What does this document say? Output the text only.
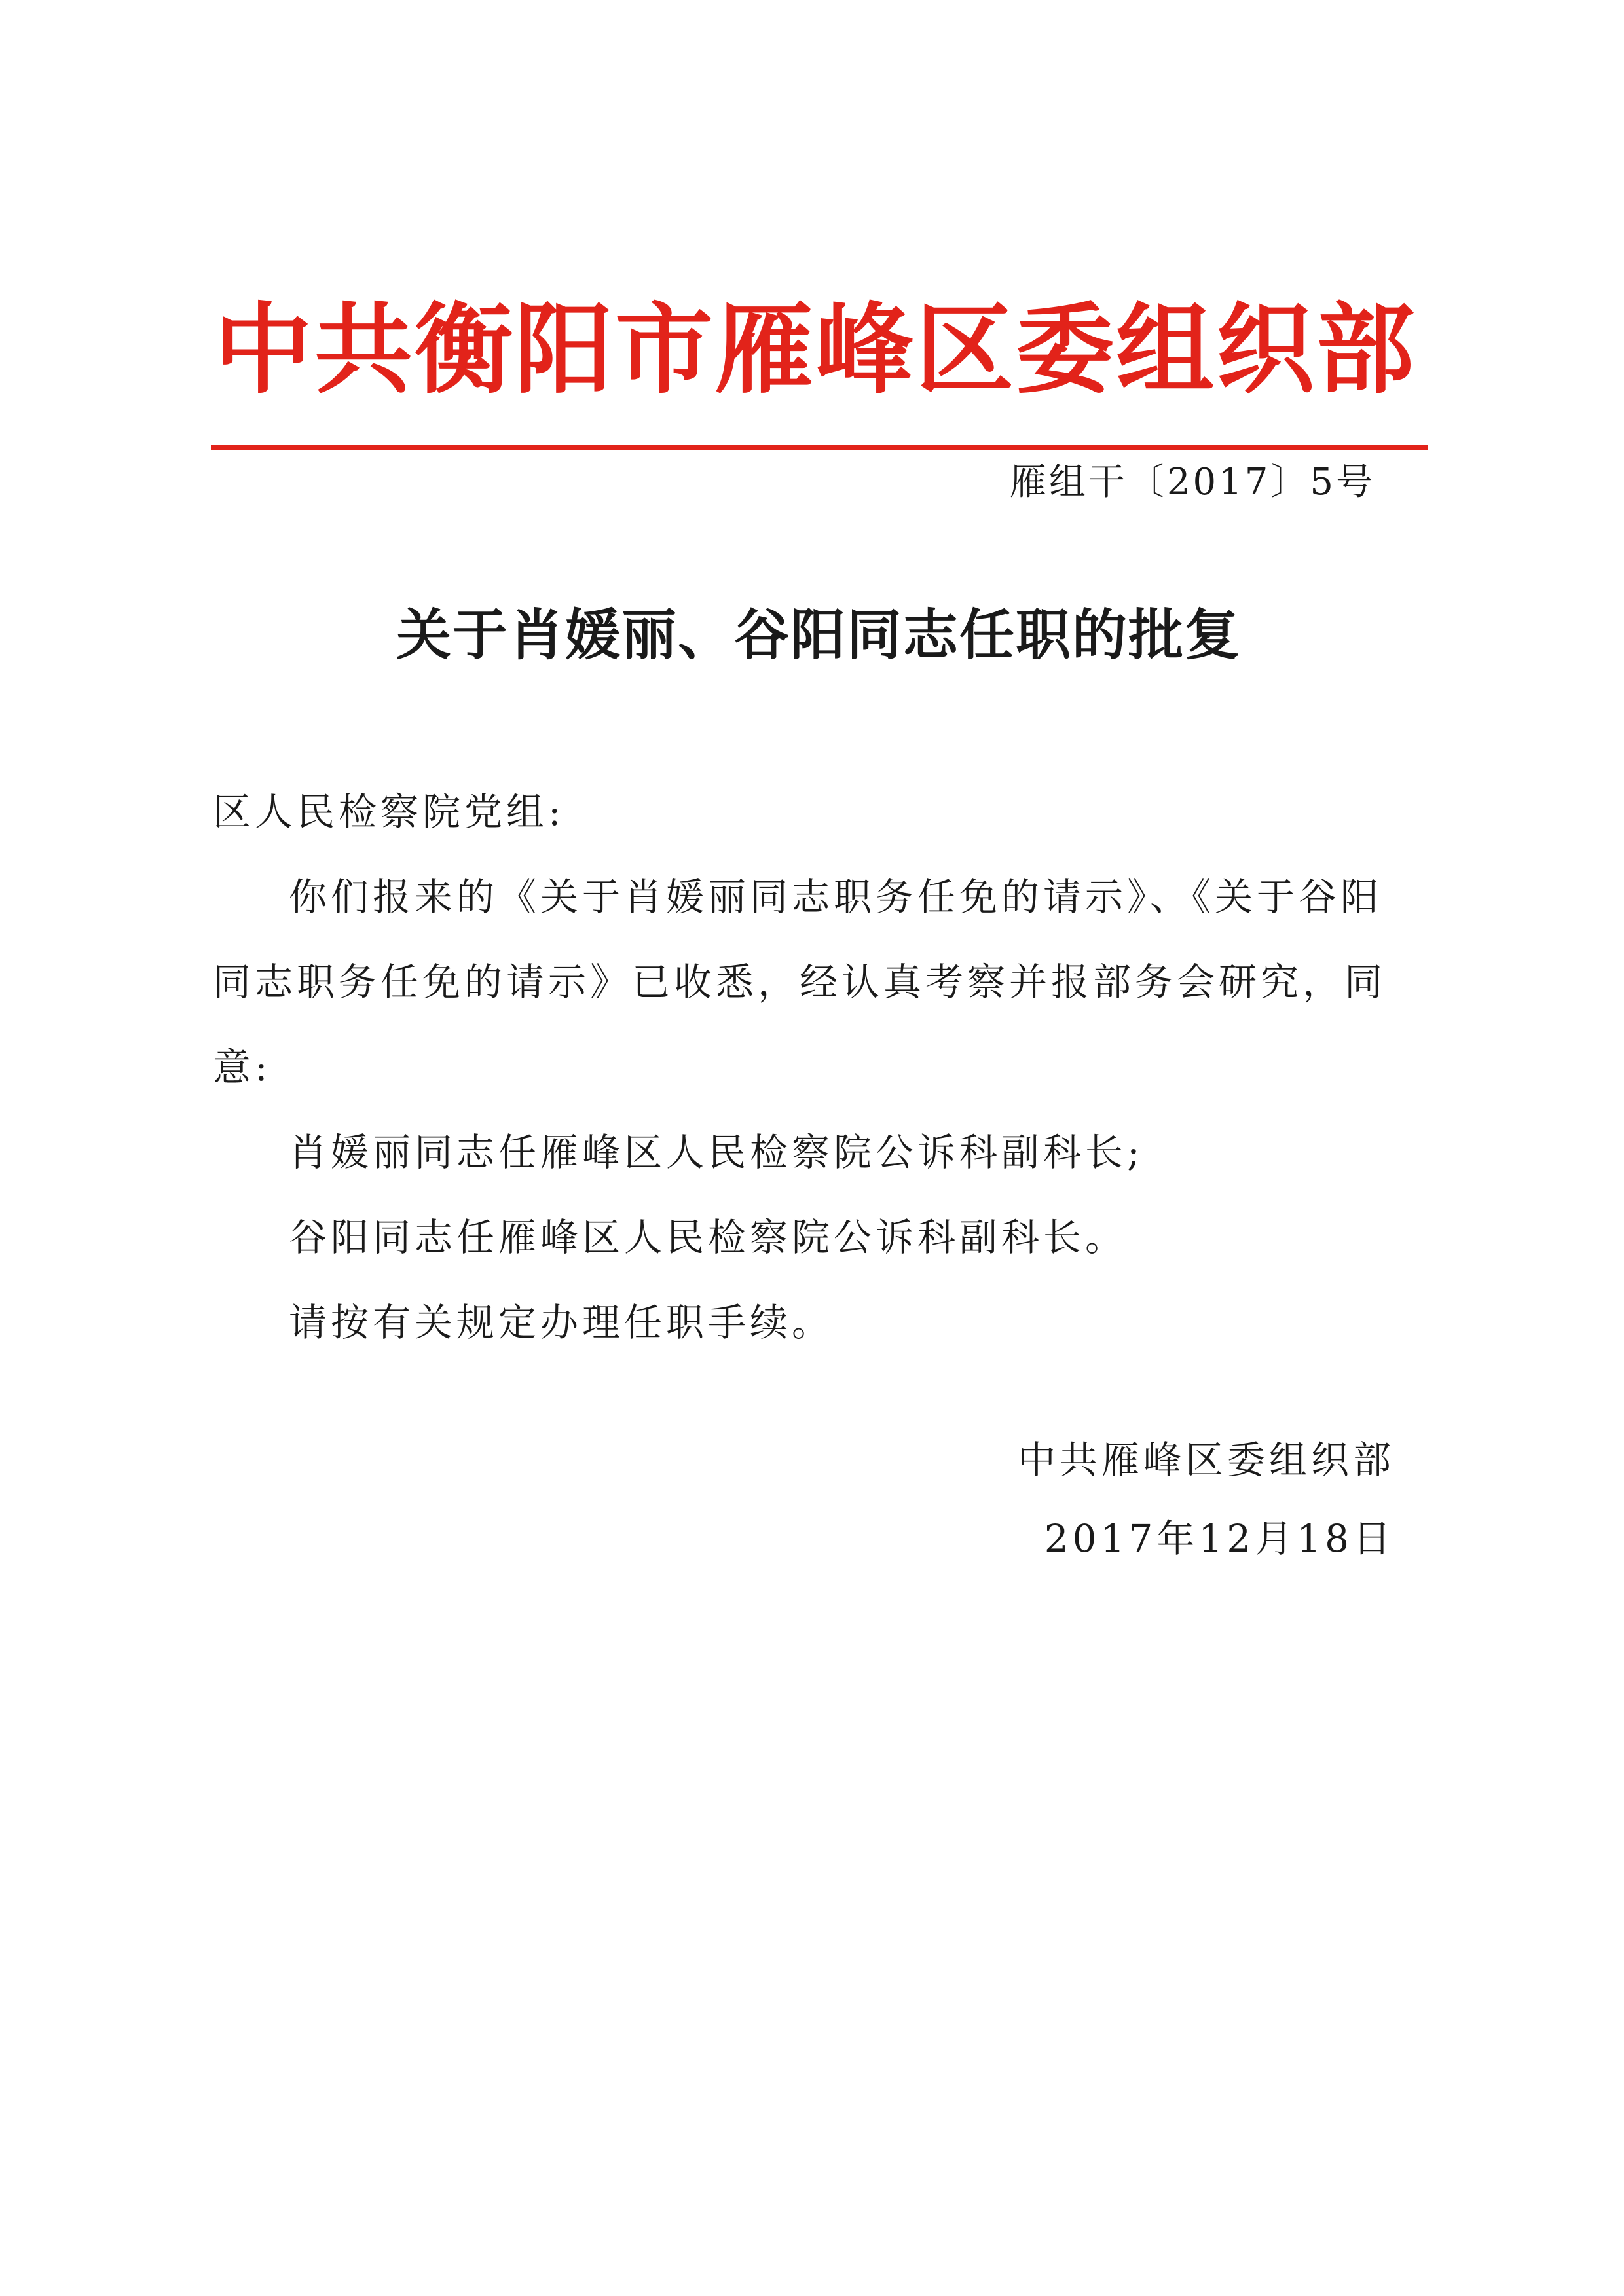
中共衡阳市雁峰区委组织部
雁组干〔2017〕5号
关于肖媛丽、谷阳同志任职的批复

区人民检察院党组:

你们报来的《关于肖媛丽同志职务任免的请示》、《关于谷阳同志职务任免的请示》已收悉，经认真考察并报部务会研究，同意:

肖媛丽同志任雁峰区人民检察院公诉科副科长;

谷阳同志任雁峰区人民检察院公诉科副科长。

请按有关规定办理任职手续。

中共雁峰区委组织部
2017年12月18日
